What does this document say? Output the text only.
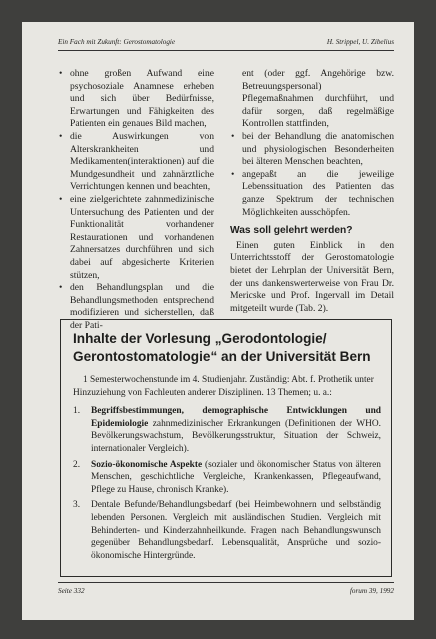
Ein Fach mit Zukunft: Gerostomatologie	H. Strippel, U. Zibelius
• ohne großen Aufwand eine psychosoziale Anamnese erheben und sich über Bedürfnisse, Erwartungen und Fähigkeiten des Patienten ein genaues Bild machen,
• die Auswirkungen von Alterskrankheiten und Medikamenten(interaktionen) auf die Mundgesundheit und zahnärztliche Verrichtungen kennen und beachten,
• eine zielgerichtete zahnmedizinische Untersuchung des Patienten und der Funktionalität vorhandener Restaurationen und vorhandenen Zahnersatzes durchführen und sich dabei auf abgesicherte Kriterien stützen,
• den Behandlungsplan und die Behandlungsmethoden entsprechend modifizieren und sicherstellen, daß der Pati-

ent (oder ggf. Angehörige bzw. Betreuungspersonal) Pflegemaßnahmen durchführt, und dafür sorgen, daß regelmäßige Kontrollen stattfinden,

• bei der Behandlung die anatomischen und physiologischen Besonderheiten bei älteren Menschen beachten,
• angepaßt an die jeweilige Lebenssituation des Patienten das ganze Spektrum der technischen Möglichkeiten ausschöpfen.
Was soll gelehrt werden?

Einen guten Einblick in den Unterrichtsstoff der Gerostomatologie bietet der Lehrplan der Universität Bern, der uns dankenswerterweise von Frau Dr. Mericske und Prof. Ingervall im Detail mitgeteilt wurde (Tab. 2).

Inhalte der Vorlesung „Gerodontologie/ Gerontostomatologie“ an der Universität Bern

1 Semesterwochenstunde im 4. Studienjahr. Zuständig: Abt. f. Prothetik unter Hinzuziehung von Fachleuten anderer Disziplinen. 13 Themen; u. a.:

1. Begriffsbestimmungen, demographische Entwicklungen und Epidemiologie zahnmedizinischer Erkrankungen (Definitionen der WHO. Bevölkerungswachstum, Bevölkerungsstruktur, Situation der Schweiz, internationaler Vergleich).
2. Sozio-ökonomische Aspekte (sozialer und ökonomischer Status von älteren Menschen, geschichtliche Vergleiche, Krankenkassen, Pflegeaufwand, Pflege zu Hause, chronisch Kranke).
3. Dentale Befunde/Behandlungsbedarf (bei Heimbewohnern und selbständig lebenden Personen. Vergleich mit ausländischen Studien. Vergleich mit Behinderten- und Kinderzahnheilkunde. Fragen nach Behandlungswunsch gegenüber Behandlungsbedarf. Lebensqualität, Ansprüche und sozio-ökonomische Hintergründe.
Seite 332	forum 39, 1992
